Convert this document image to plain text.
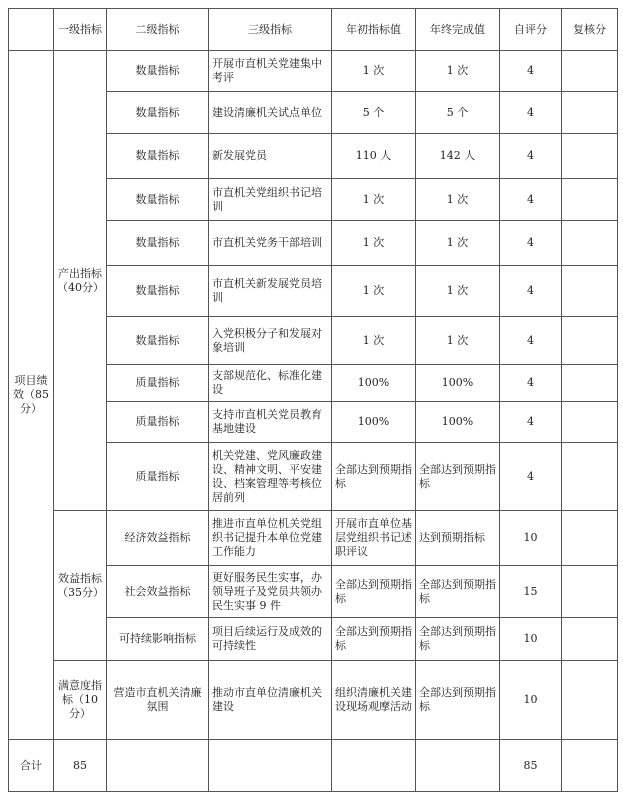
	一级指标	二级指标	三级指标	年初指标值	年终完成值	自评分	复核分
项目绩效（85分）	产出指标（40分）	数量指标	开展市直机关党建集中考评	1 次	1 次	4	
		数量指标	建设清廉机关试点单位	5 个	5 个	4	
		数量指标	新发展党员	110 人	142 人	4	
		数量指标	市直机关党组织书记培训	1 次	1 次	4	
		数量指标	市直机关党务干部培训	1 次	1 次	4	
		数量指标	市直机关新发展党员培训	1 次	1 次	4	
		数量指标	入党积极分子和发展对象培训	1 次	1 次	4	
		质量指标	支部规范化、标准化建设	100%	100%	4	
		质量指标	支持市直机关党员教育基地建设	100%	100%	4	
		质量指标	机关党建、党风廉政建设、精神文明、平安建设、档案管理等考核位居前列	全部达到预期指标	全部达到预期指标	4	
	效益指标（35分）	经济效益指标	推进市直单位机关党组织书记提升本单位党建工作能力	开展市直单位基层党组织书记述职评议	达到预期指标	10	
		社会效益指标	更好服务民生实事，办领导班子及党员共领办民生实事 9 件	全部达到预期指标	全部达到预期指标	15	
		可持续影响指标	项目后续运行及成效的可持续性	全部达到预期指标	全部达到预期指标	10	
	满意度指标（10分）	营造市直机关清廉氛围	推动市直单位清廉机关建设	组织清廉机关建设现场观摩活动	全部达到预期指标	10	
合计	85					85	
